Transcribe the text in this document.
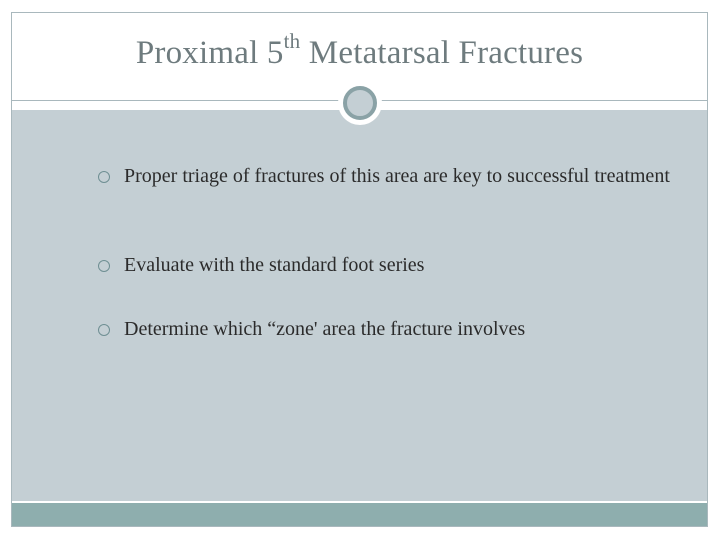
Proximal 5th Metatarsal Fractures
Proper triage of fractures of this area are key to successful treatment
Evaluate with the standard foot series
Determine which “zone' area the fracture involves
